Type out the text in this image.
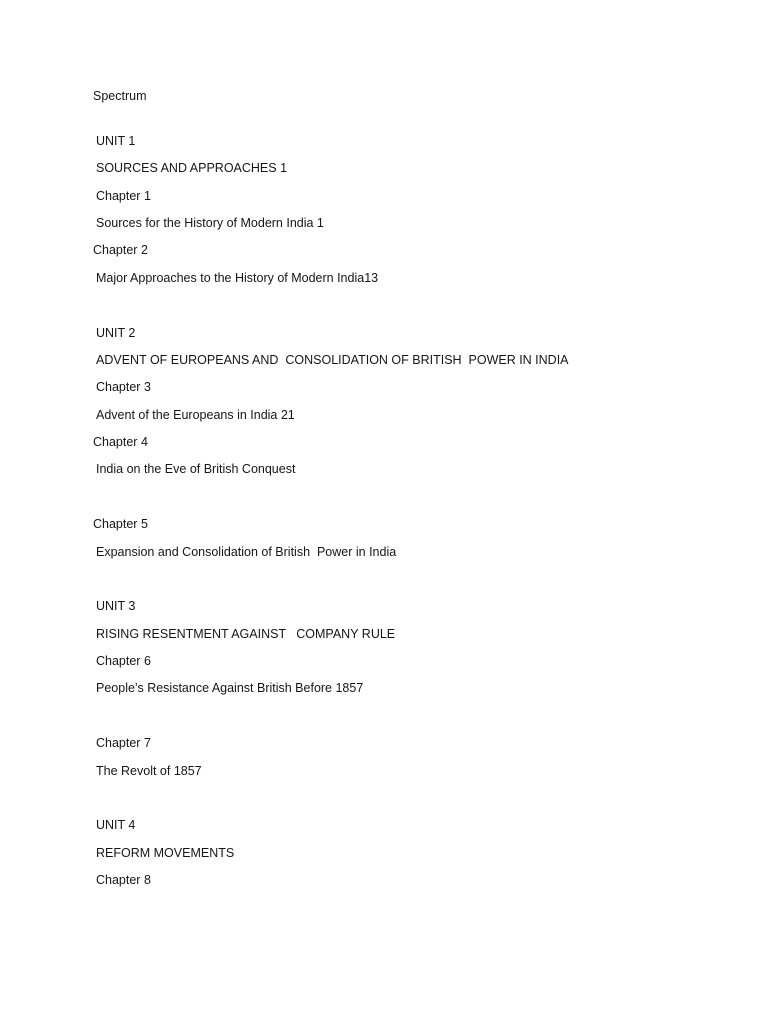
Spectrum
UNIT 1
SOURCES AND APPROACHES 1
Chapter 1
Sources for the History of Modern India 1
Chapter 2
Major Approaches to the History of Modern India13
UNIT 2
ADVENT OF EUROPEANS AND  CONSOLIDATION OF BRITISH  POWER IN INDIA
Chapter 3
Advent of the Europeans in India 21
Chapter 4
India on the Eve of British Conquest
Chapter 5
Expansion and Consolidation of British  Power in India
UNIT 3
RISING RESENTMENT AGAINST   COMPANY RULE
Chapter 6
People’s Resistance Against British Before 1857
Chapter 7
The Revolt of 1857
UNIT 4
REFORM MOVEMENTS
Chapter 8
